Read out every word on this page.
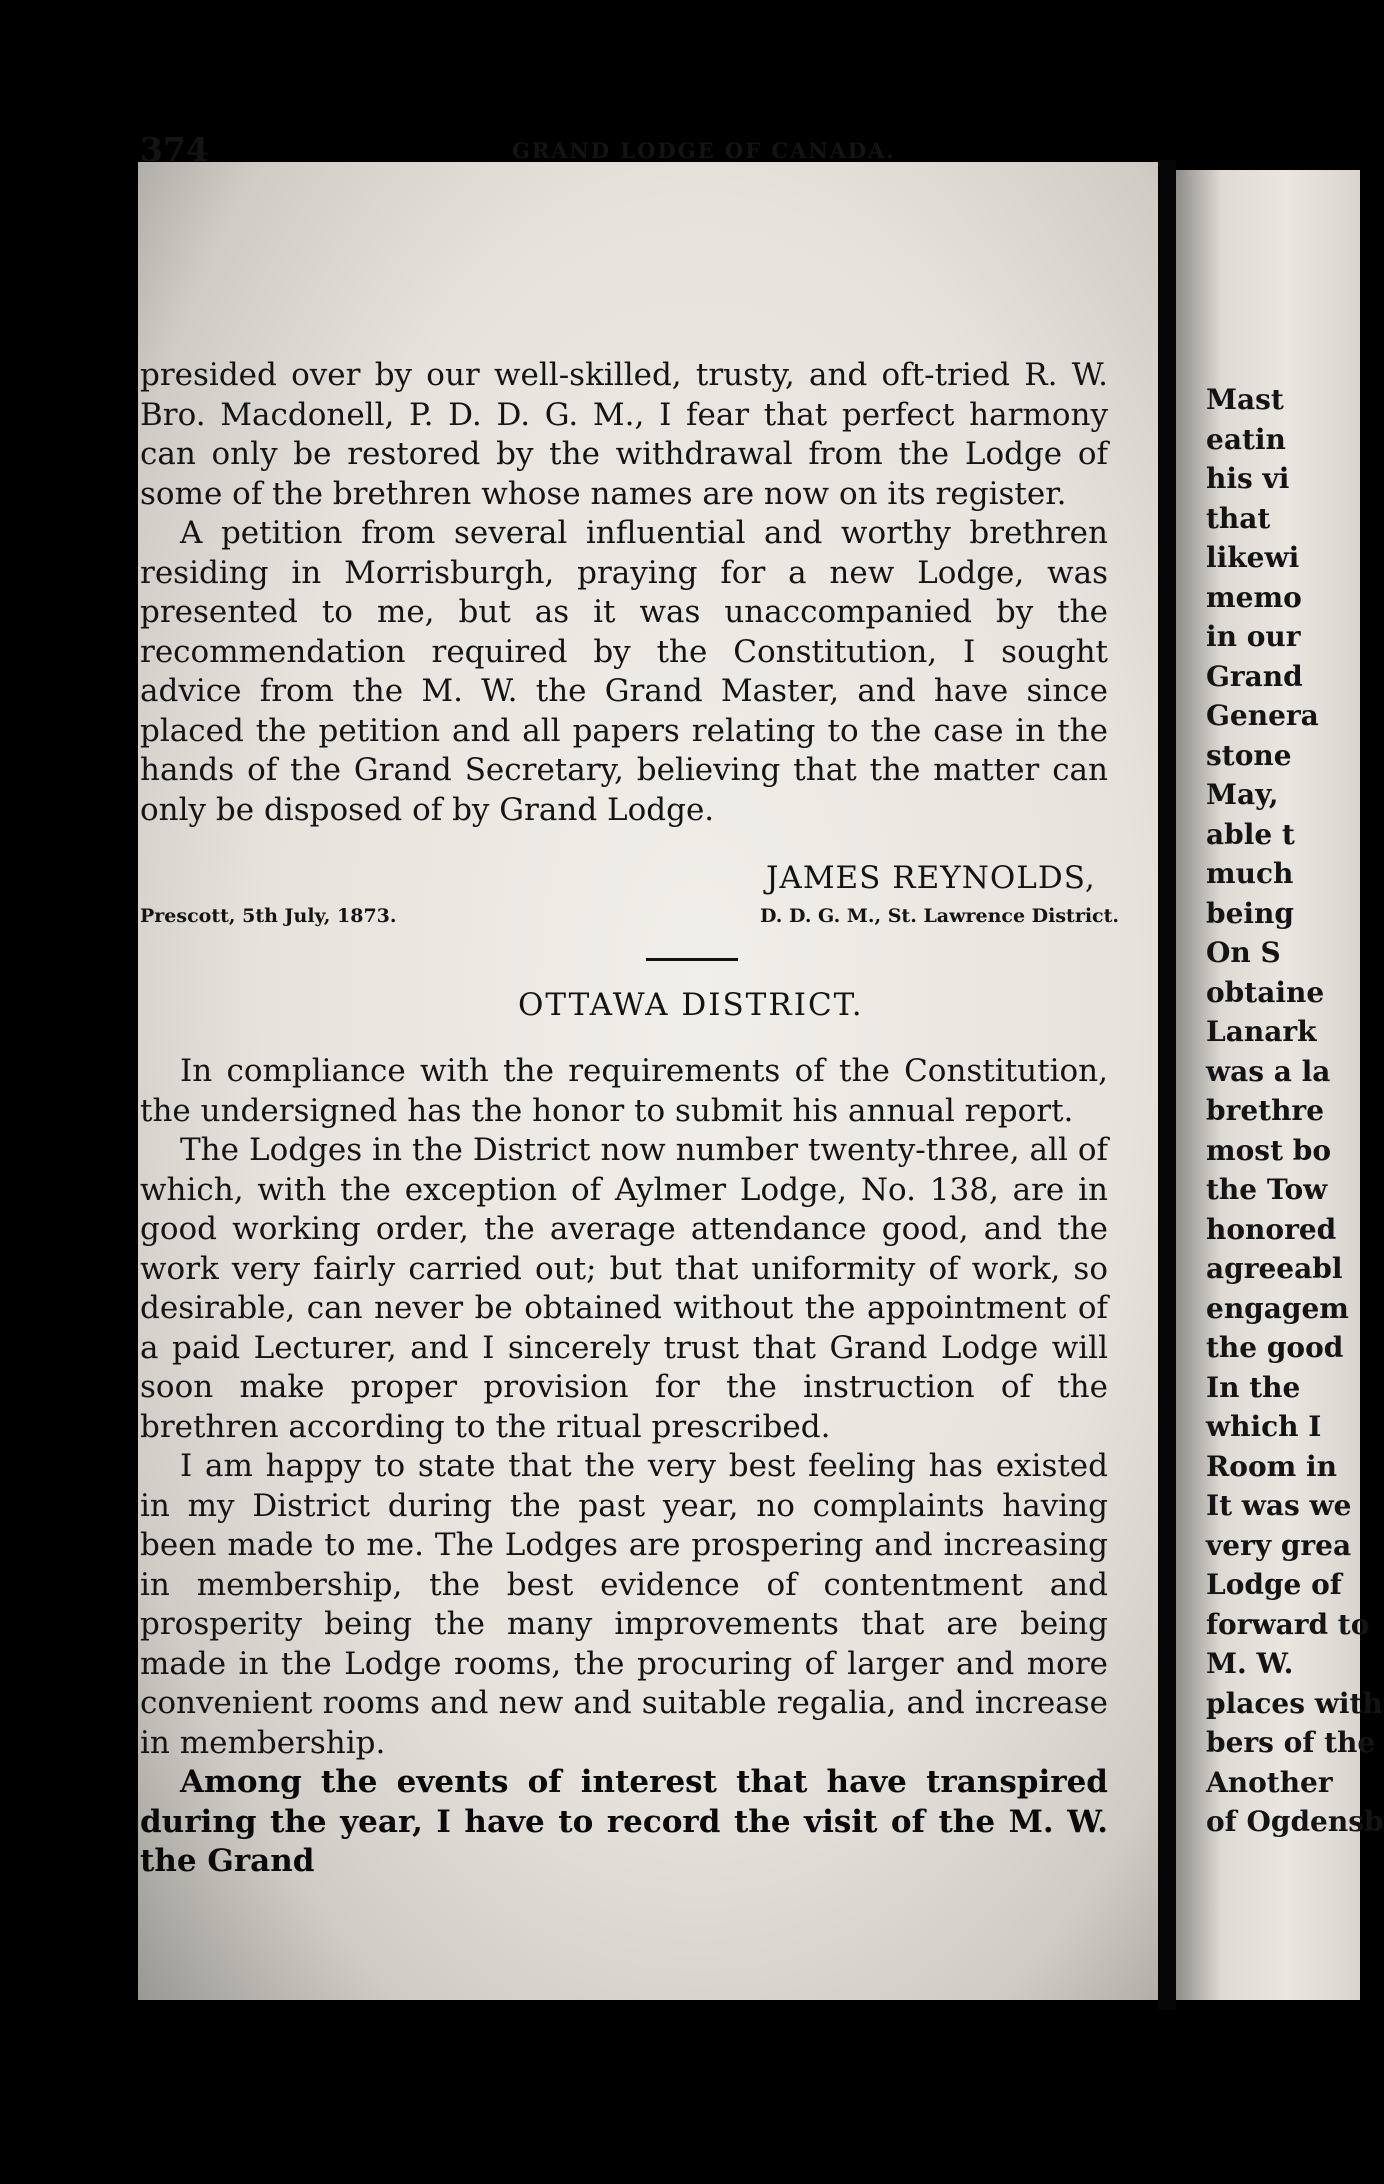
Mast
eatin
his vi
that
likewi
memo
in our
Grand
Genera
stone
May,
able t
much
being
On S
obtaine
Lanark
was a la
brethre
most bo
the Tow
honored
agreeabl
engagem
the good
In the
which I
Room in
It was we
very grea
Lodge of
forward to
M. W.
places with
bers of the
Another
of Ogdensb
374	GRAND LODGE OF CANADA.

presided over by our well-skilled, trusty, and oft-tried R. W. Bro. Macdonell, P. D. D. G. M., I fear that perfect harmony can only be restored by the withdrawal from the Lodge of some of the brethren whose names are now on its register.

A petition from several influential and worthy brethren residing in Morrisburgh, praying for a new Lodge, was presented to me, but as it was unaccompanied by the recommendation required by the Constitution, I sought advice from the M. W. the Grand Master, and have since placed the petition and all papers relating to the case in the hands of the Grand Secretary, believing that the matter can only be disposed of by Grand Lodge.

JAMES REYNOLDS,
Prescott, 5th July, 1873.	D. D. G. M., St. Lawrence District.
OTTAWA DISTRICT.

In compliance with the requirements of the Constitution, the undersigned has the honor to submit his annual report.

The Lodges in the District now number twenty-three, all of which, with the exception of Aylmer Lodge, No. 138, are in good working order, the average attendance good, and the work very fairly carried out; but that uniformity of work, so desirable, can never be obtained without the appointment of a paid Lecturer, and I sincerely trust that Grand Lodge will soon make proper provision for the instruction of the brethren according to the ritual prescribed.

I am happy to state that the very best feeling has existed in my District during the past year, no complaints having been made to me. The Lodges are prospering and increasing in membership, the best evidence of contentment and prosperity being the many improvements that are being made in the Lodge rooms, the procuring of larger and more convenient rooms and new and suitable regalia, and increase in membership.

Among the events of interest that have transpired during the year, I have to record the visit of the M. W. the Grand
